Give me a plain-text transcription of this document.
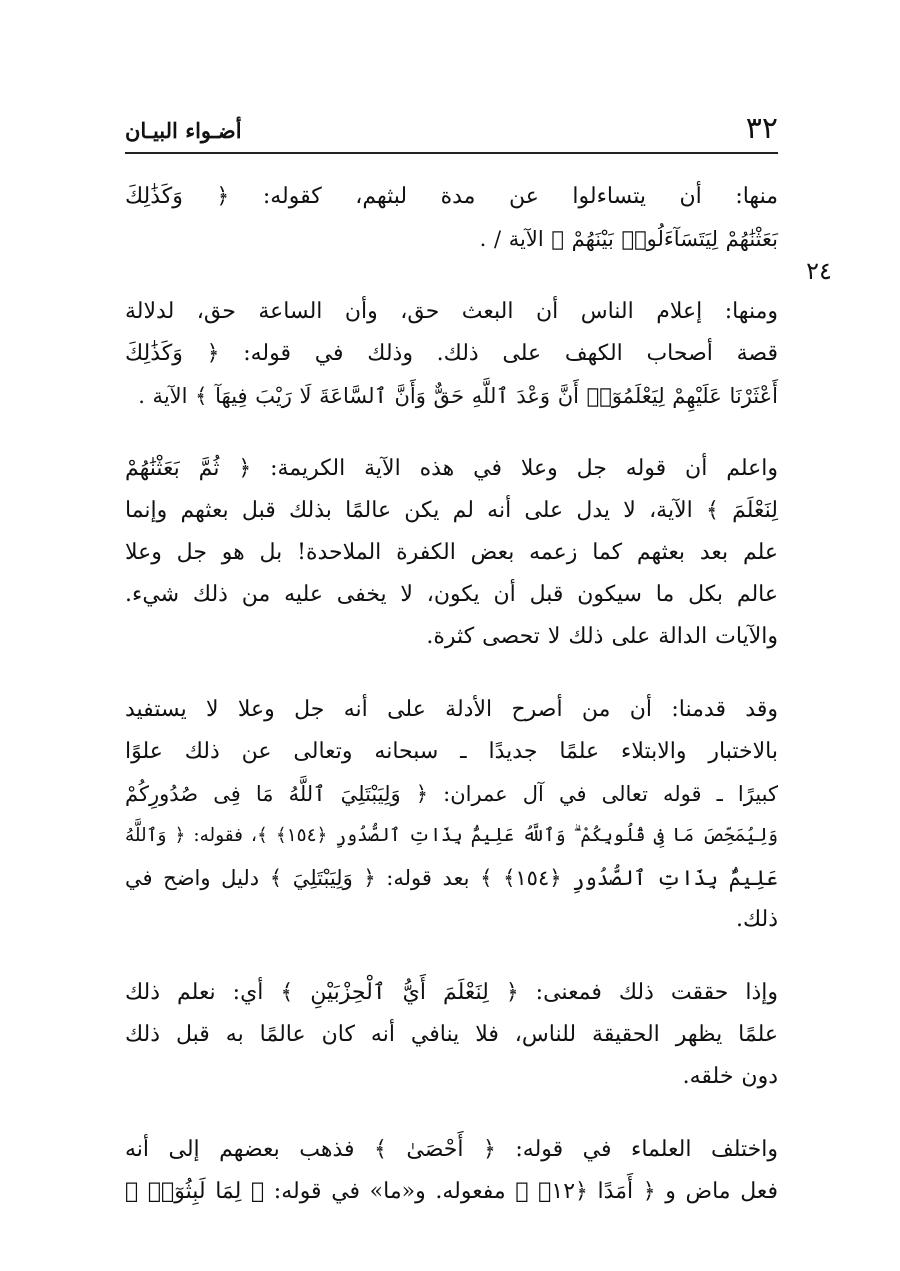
٣٢
أضـواء البيـان
٢٤
منها: أن يتساءلوا عن مدة لبثهم، كقوله: ﴿ وَكَذَٰلِكَ
بَعَثْنَٰهُمْ لِيَتَسَآءَلُوا۟ بَيْنَهُمْ ﴾ الآية / .
ومنها: إعلام الناس أن البعث حق، وأن الساعة حق، لدلالة
قصة أصحاب الكهف على ذلك. وذلك في قوله: ﴿ وَكَذَٰلِكَ
أَعْثَرْنَا عَلَيْهِمْ لِيَعْلَمُوٓا۟ أَنَّ وَعْدَ ٱللَّهِ حَقٌّ وَأَنَّ ٱلسَّاعَةَ لَا رَيْبَ فِيهَآ ﴾ الآية .
واعلم أن قوله جل وعلا في هذه الآية الكريمة: ﴿ ثُمَّ بَعَثْنَٰهُمْ
لِنَعْلَمَ ﴾ الآية، لا يدل على أنه لم يكن عالمًا بذلك قبل بعثهم وإنما
علم بعد بعثهم كما زعمه بعض الكفرة الملاحدة! بل هو جل وعلا
عالم بكل ما سيكون قبل أن يكون، لا يخفى عليه من ذلك شيء.
والآيات الدالة على ذلك لا تحصى كثرة.
وقد قدمنا: أن من أصرح الأدلة على أنه جل وعلا لا يستفيد
بالاختبار والابتلاء علمًا جديدًا ـ سبحانه وتعالى عن ذلك علوًا
كبيرًا ـ قوله تعالى في آل عمران: ﴿ وَلِيَبْتَلِيَ ٱللَّهُ مَا فِى صُدُورِكُمْ
وَلِيُمَحِّصَ مَا فِى قُلُوبِكُمْ ۗ وَٱللَّهُ عَلِيمٌۢ بِذَاتِ ٱلصُّدُورِ ﴿١٥٤﴾ ﴾، فقوله: ﴿ وَٱللَّهُ
عَلِيمٌۢ بِذَاتِ ٱلصُّدُورِ ﴿١٥٤﴾ ﴾ بعد قوله: ﴿ وَلِيَبْتَلِيَ ﴾ دليل واضح في
ذلك.
وإذا حققت ذلك فمعنى: ﴿ لِنَعْلَمَ أَيُّ ٱلْحِزْبَيْنِ ﴾ أي: نعلم ذلك
علمًا يظهر الحقيقة للناس، فلا ينافي أنه كان عالمًا به قبل ذلك
دون خلقه.
واختلف العلماء في قوله: ﴿ أَحْصَىٰ ﴾ فذهب بعضهم إلى أنه
فعل ماض و ﴿ أَمَدًا ﴿١٢﴾ ﴾ مفعوله. و«ما» في قوله: ﴿ لِمَا لَبِثُوٓا۟ ﴾
